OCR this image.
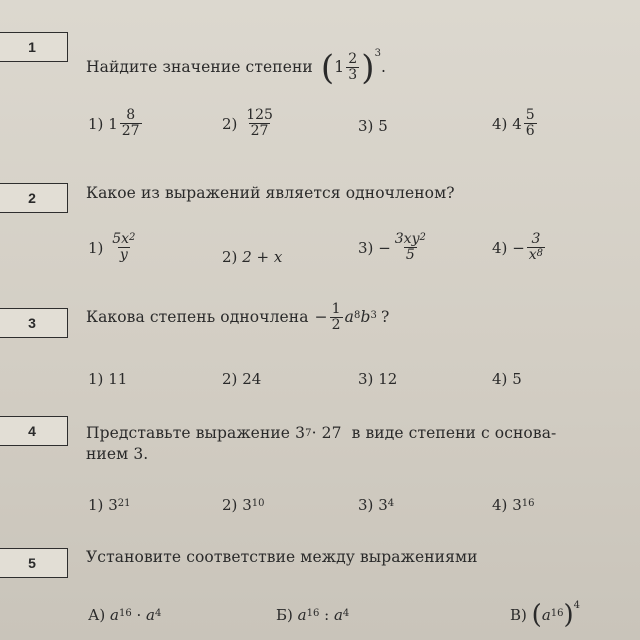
1
Найдите значение степени ( $1 \frac{2}{3} )^3$
.
1)
$1 \frac{8}{27}$	2)
$\frac{125}{27}$	3)
5	4)
$4 \frac{5}{6}$
2	Какое из выражений является одночленом?
1)
$\frac{5x^2}{y}$	2)
2 + x
3)
− $\frac{3xy^2}{5}$	4)
− $\frac{3}{x^8}$
3	Какова степень одночлена − $\frac{1}{2} a^8$ $b^3$ ?
1)
11	2)
24	3)
12	4)
5
4	Представьте выражение
$3^7 \cdot 27$
в виде степени с основа-
нием 3.
1)
$3^{21}$	2)
$3^{10}$	3)
$3^4$	4)
$3^{16}$
5	Установите соответствие между выражениями
А)
$a^{16}$
·
$a^4$	Б)
$a^{16}$
:
$a^4$	В)
( $a^{16}$ )$^4$
